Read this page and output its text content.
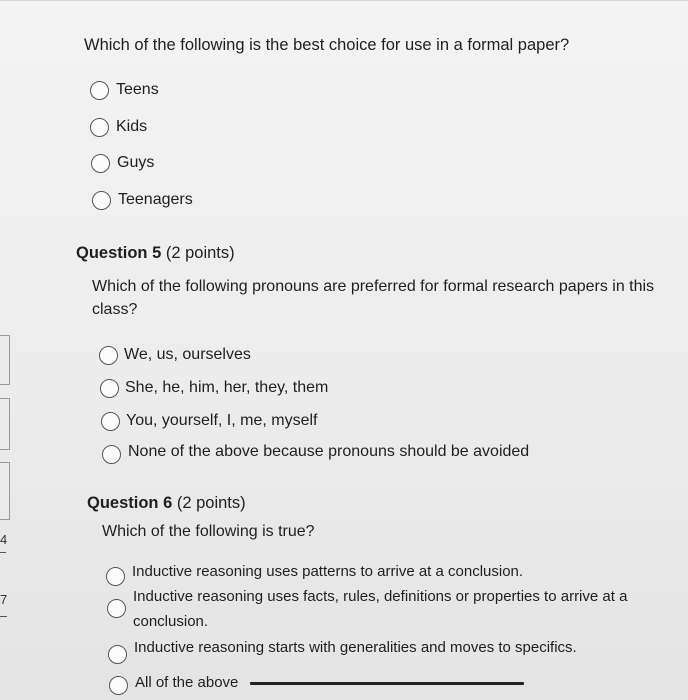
4
7
Which of the following is the best choice for use in a formal paper?
Teens
Kids
Guys
Teenagers
Question 5 (2 points)
Which of the following pronouns are preferred for formal research papers in this
class?
We, us, ourselves
She, he, him, her, they, them
You, yourself, I, me, myself
None of the above because pronouns should be avoided
Question 6 (2 points)
Which of the following is true?
Inductive reasoning uses patterns to arrive at a conclusion.
Inductive reasoning uses facts, rules, definitions or properties to arrive at a
conclusion.
Inductive reasoning starts with generalities and moves to specifics.
All of the above
